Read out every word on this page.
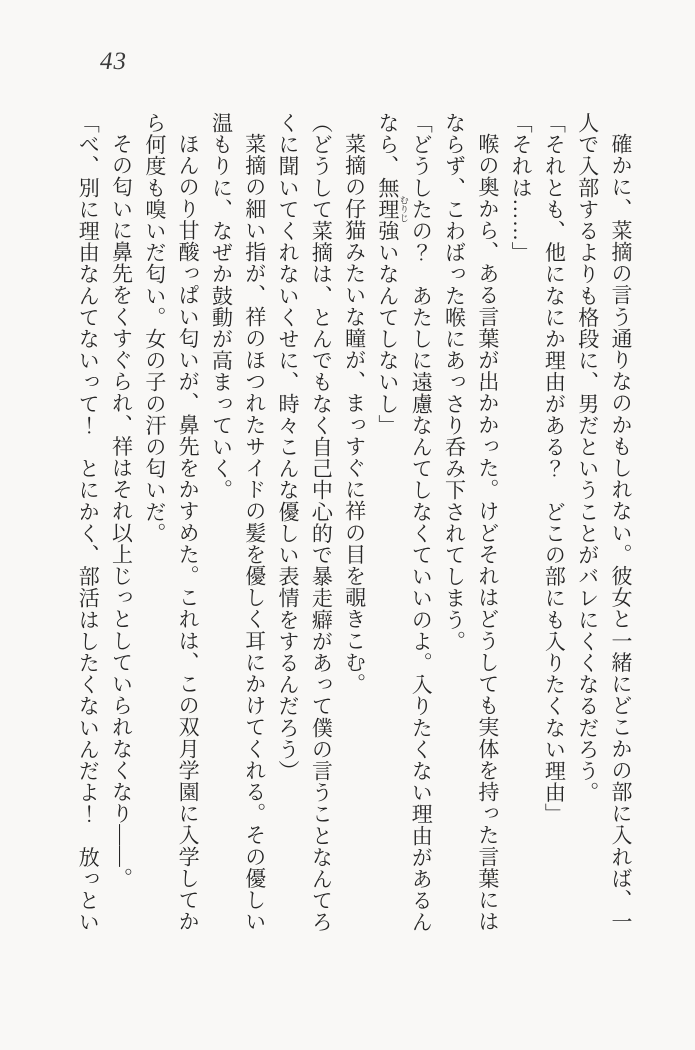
43

確かに、菜摘の言う通りなのかもしれない。彼女と一緒にどこかの部に入れば、一人で入部するよりも格段に、男だということがバレにくくなるだろう。

「それとも、他になにか理由がある？　どこの部にも入りたくない理由」

「それは……」

喉の奥から、ある言葉が出かかった。けどそれはどうしても実体を持った言葉にはならず、こわばった喉にあっさり呑み下されてしまう。

「どうしたの？　あたしに遠慮なんてしなくていいのよ。入りたくない理由があるんなら、無理強 むりじいなんてしないし」

菜摘の仔猫みたいな瞳が、まっすぐに祥の目を覗きこむ。

（どうして菜摘は、とんでもなく自己中心的で暴走癖があって僕の言うことなんてろくに聞いてくれないくせに、時々こんな優しい表情をするんだろう）

菜摘の細い指が、祥のほつれたサイドの髪を優しく耳にかけてくれる。その優しい温もりに、なぜか鼓動が高まっていく。

ほんのり甘酸っぱい匂いが、鼻先をかすめた。これは、この双月学園に入学してから何度も嗅いだ匂い。女の子の汗の匂いだ。

その匂いに鼻先をくすぐられ、祥はそれ以上じっとしていられなくなり――。

「べ、別に理由なんてないって！　とにかく、部活はしたくないんだよ！　放っとい
